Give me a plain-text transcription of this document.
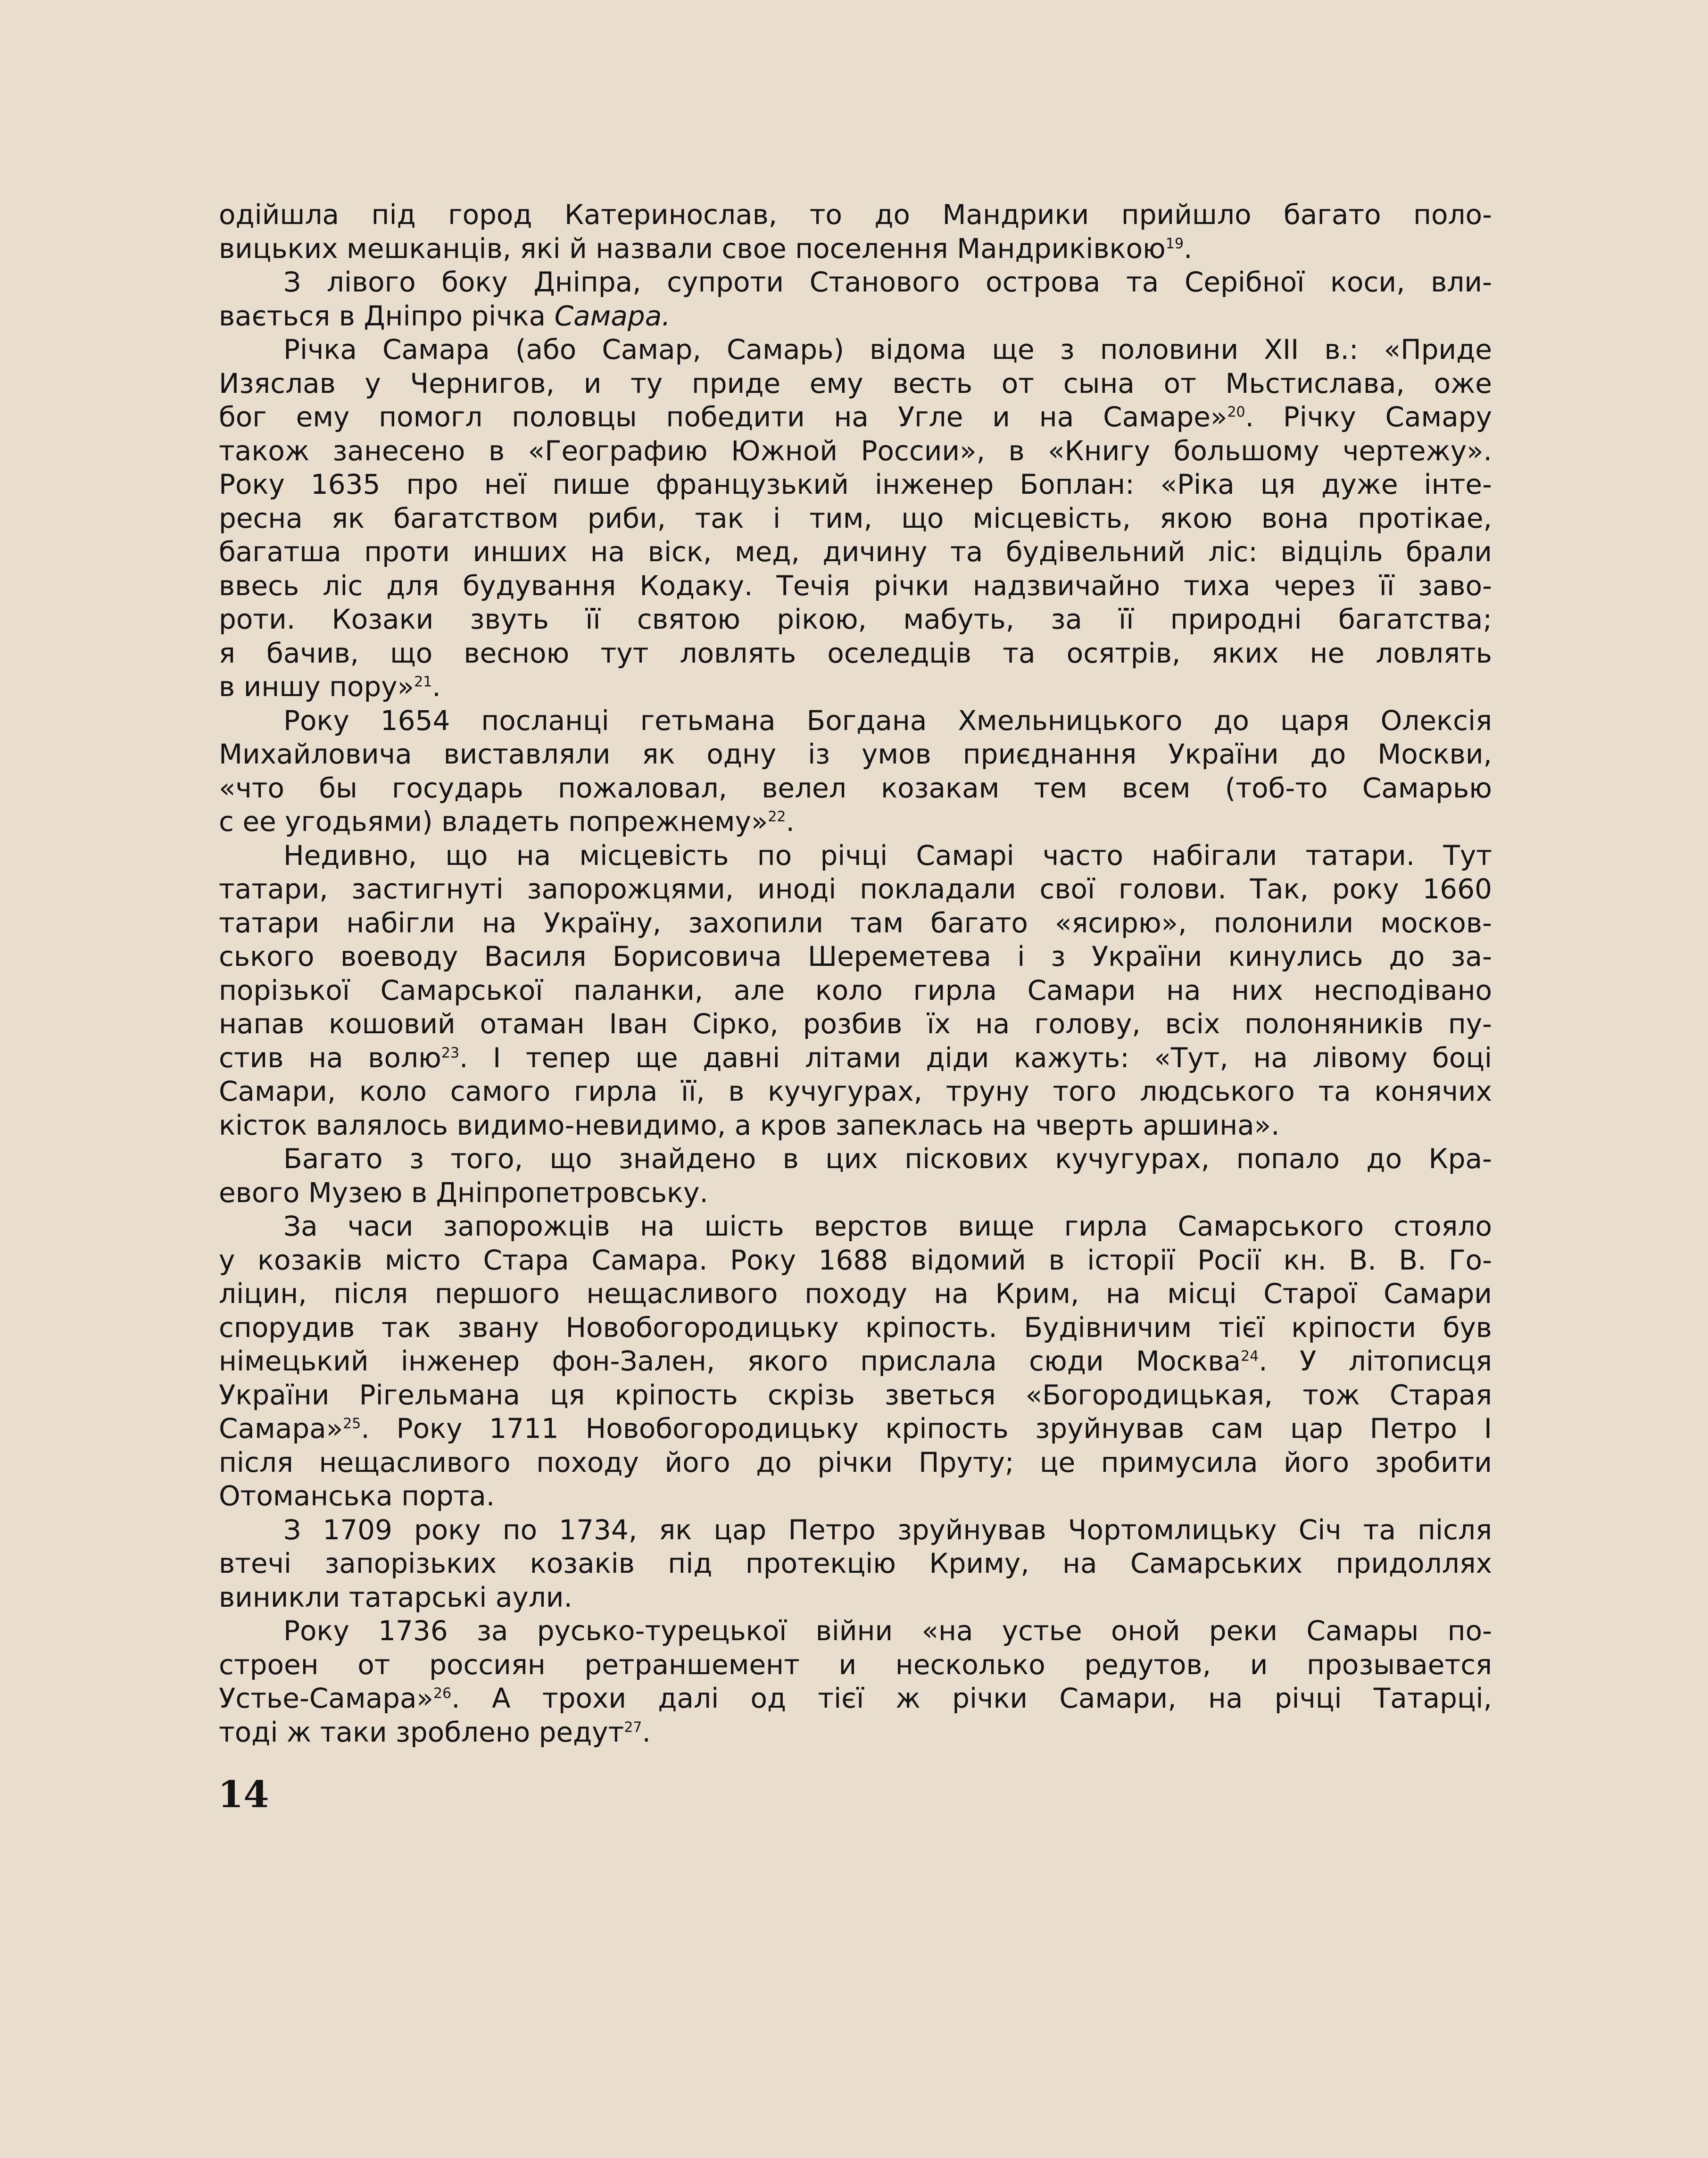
одійшла під город Катеринослав, то до Мандрики прийшло багато поло-
вицьких мешканців, які й назвали свое поселення Мандриківкою$^{19}$.

З лівого боку Дніпра, супроти Станового острова та Серібної коси, вли-
вається в Дніпро річка Самара.

Річка Самара (або Самар, Самарь) відома ще з половини XII в.: «Приде
Изяслав у Чернигов, и ту приде ему весть от сына от Мьстислава, оже
бог ему помогл половцы победити на Угле и на Самаре»$^{20}$. Річку Самару
також занесено в «Географию Южной России», в «Книгу большому чертежу».
Року 1635 про неї пише французький інженер Боплан: «Ріка ця дуже інте-
ресна як багатством риби, так і тим, що місцевість, якою вона протікае,
багатша проти инших на віск, мед, дичину та будівельний ліс: відціль брали
ввесь ліс для будування Кодаку. Течія річки надзвичайно тиха через її заво-
роти. Козаки звуть її святою рікою, мабуть, за її природні багатства;
я бачив, що весною тут ловлять оселедців та осятрів, яких не ловлять
в иншу пору»$^{21}$.

Року 1654 посланці гетьмана Богдана Хмельницького до царя Олексія
Михайловича виставляли як одну із умов приєднання України до Москви,
«что бы государь пожаловал, велел козакам тем всем (тоб-то Самарью
с ее угодьями) владеть попрежнему»$^{22}$.

Недивно, що на місцевість по річці Самарі часто набігали татари. Тут
татари, застигнуті запорожцями, иноді покладали свої голови. Так, року 1660
татари набігли на Україну, захопили там багато «ясирю», полонили москов-
ського воеводу Василя Борисовича Шереметева і з України кинулись до за-
порізької Самарської паланки, але коло гирла Самари на них несподівано
напав кошовий отаман Іван Сірко, розбив їх на голову, всіх полоняників пу-
стив на волю$^{23}$. І тепер ще давні літами діди кажуть: «Тут, на лівому боці
Самари, коло самого гирла її, в кучугурах, труну того людського та конячих
кісток валялось видимо-невидимо, а кров запеклась на чверть аршина».

Багато з того, що знайдено в цих піскових кучугурах, попало до Кра-
евого Музею в Дніпропетровську.

За часи запорожців на шість верстов вище гирла Самарського стояло
у козаків місто Стара Самара. Року 1688 відомий в історії Росії кн. В. В. Го-
ліцин, після першого нещасливого походу на Крим, на місці Старої Самари
спорудив так звану Новобогородицьку кріпость. Будівничим тієї кріпости був
німецький інженер фон-Зален, якого прислала сюди Москва$^{24}$. У літописця
України Рігельмана ця кріпость скрізь зветься «Богородицькая, тож Старая
Самара»$^{25}$. Року 1711 Новобогородицьку кріпость зруйнував сам цар Петро I
після нещасливого походу його до річки Пруту; це примусила його зробити
Отоманська порта.

З 1709 року по 1734, як цар Петро зруйнував Чортомлицьку Січ та після
втечі запорізьких козаків під протекцію Криму, на Самарських придоллях
виникли татарські аули.

Року 1736 за русько-турецької війни «на устье оной реки Самары по-
строен от россиян ретраншемент и несколько редутов, и прозывается
Устье-Самара»$^{26}$. А трохи далі од тієї ж річки Самари, на річці Татарці,
тоді ж таки зроблено редут$^{27}$.

14
